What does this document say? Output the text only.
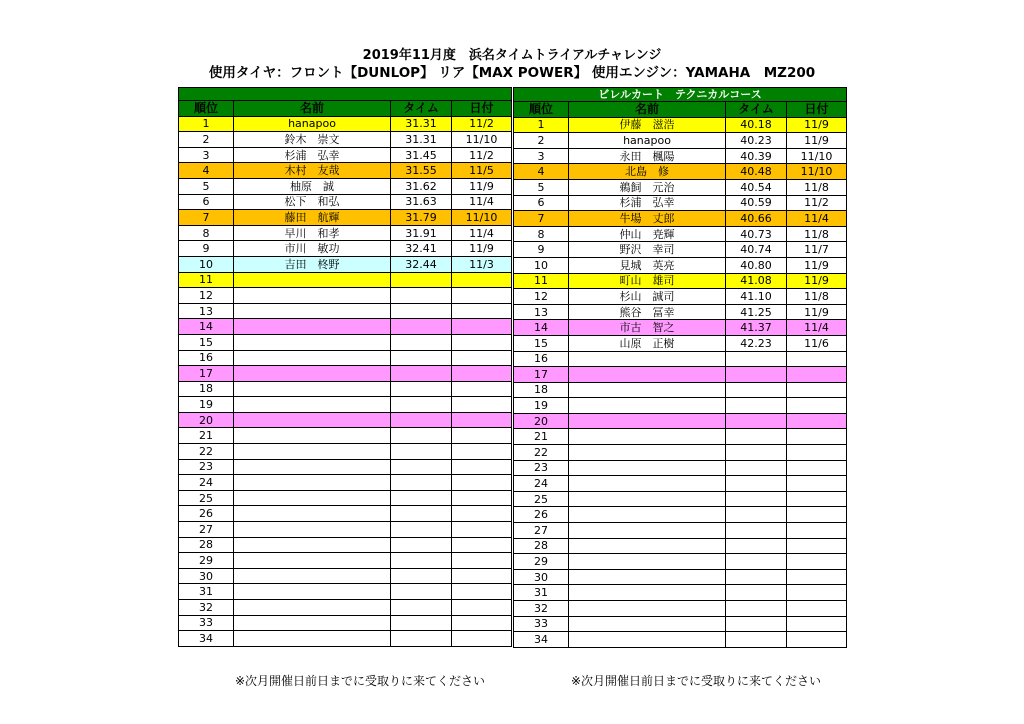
2019年11月度　浜名タイムトライアルチャレンジ
使用タイヤ：フロント【DUNLOP】 リア【MAX POWER】 使用エンジン：YAMAHA　MZ200

順位	名前	タイム	日付
1	hanapoo	31.31	11/2
2	鈴木　崇文	31.31	11/10
3	杉浦　弘幸	31.45	11/2
4	木村　友哉	31.55	11/5
5	柚原　誠	31.62	11/9
6	松下　和弘	31.63	11/4
7	藤田　航輝	31.79	11/10
8	早川　和孝	31.91	11/4
9	市川　敏功	32.41	11/9
10	吉田　柊野	32.44	11/3
11			
12			
13			
14			
15			
16			
17			
18			
19			
20			
21			
22			
23			
24			
25			
26			
27			
28			
29			
30			
31			
32			
33			
34			
ビレルカート　テクニカルコース			
順位	名前	タイム	日付
1	伊藤　滋浩	40.18	11/9
2	hanapoo	40.23	11/9
3	永田　楓陽	40.39	11/10
4	北島　修	40.48	11/10
5	鵜飼　元治	40.54	11/8
6	杉浦　弘幸	40.59	11/2
7	牛場　丈郎	40.66	11/4
8	仲山　尭輝	40.73	11/8
9	野沢　幸司	40.74	11/7
10	見城　英亮	40.80	11/9
11	町山　雄司	41.08	11/9
12	杉山　誠司	41.10	11/8
13	熊谷　冨幸	41.25	11/9
14	市古　智之	41.37	11/4
15	山原　正樹	42.23	11/6
16			
17			
18			
19			
20			
21			
22			
23			
24			
25			
26			
27			
28			
29			
30			
31			
32			
33			
34			
※次月開催日前日までに受取りに来てください	※次月開催日前日までに受取りに来てください
